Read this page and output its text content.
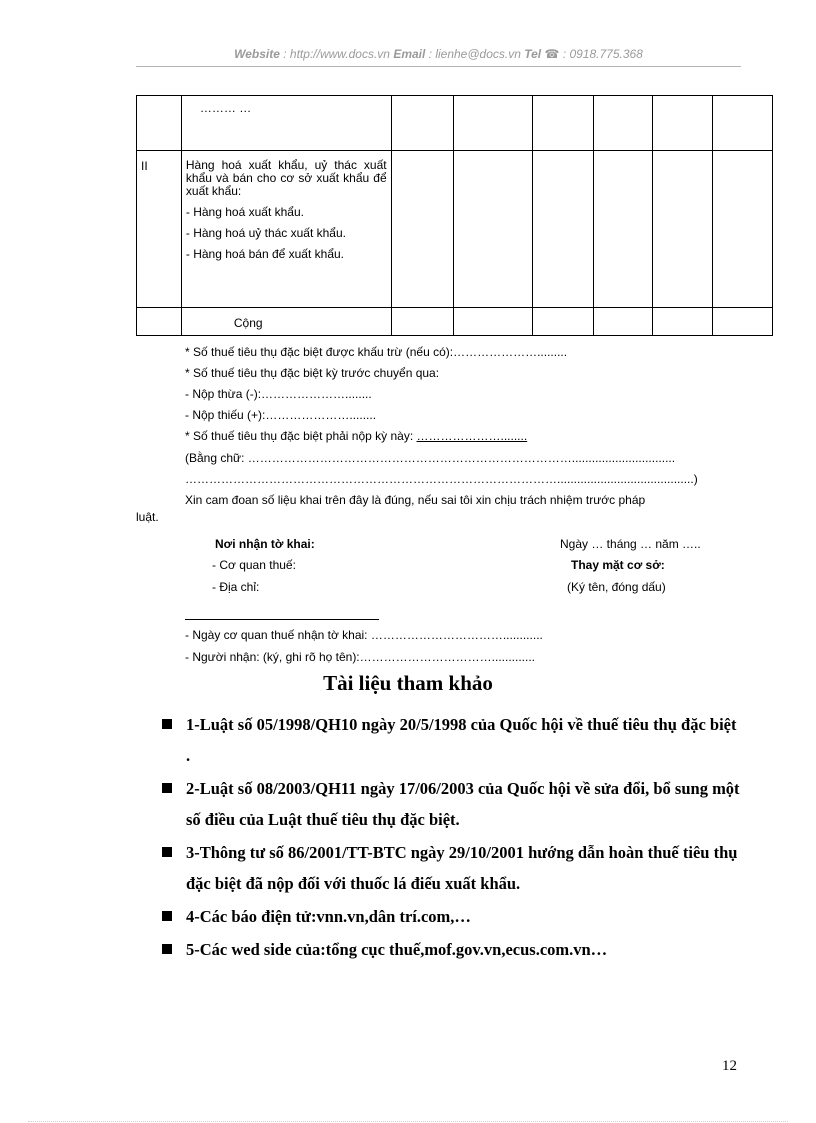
Website : http://www.docs.vn Email : lienhe@docs.vn Tel ☎ : 0918.775.368
	……… …						
II	Hàng hoá xuất khẩu, uỷ thác xuất khẩu và bán cho cơ sở xuất khẩu để xuất khẩu:

- Hàng hoá xuất khẩu.

- Hàng hoá uỷ thác xuất khẩu.

- Hàng hoá bán để xuất khẩu.						

	Cộng						
* Số thuế tiêu thụ đặc biệt được khấu trừ (nếu có):………………….........
* Số thuế tiêu thụ đặc biệt kỳ trước chuyển qua:
- Nộp thừa (-):…………………........
- Nộp thiếu (+):…………………........
* Số thuế tiêu thụ đặc biệt phải nộp kỳ này: …………………........
(Bằng chữ: ………………………………………………………………………...............................
………………………………………………………………………………….........................................)
Xin cam đoan số liệu khai trên đây là đúng, nếu sai tôi xin chịu trách nhiệm trước pháp
luật.
Nơi nhận tờ khai:
- Cơ quan thuế:
- Địa chỉ:
Ngày … tháng … năm …..
Thay mặt cơ sở:
(Ký tên, đóng dấu)
- Ngày cơ quan thuế nhận tờ khai: ……………………………............
- Người nhận: (ký, ghi rõ họ tên):…………………………….............
Tài liệu tham khảo
1-Luật số 05/1998/QH10 ngày 20/5/1998 của Quốc hội về thuế tiêu thụ đặc biệt .
2-Luật số 08/2003/QH11 ngày 17/06/2003 của Quốc hội về sửa đổi, bổ sung một số điều của Luật thuế tiêu thụ đặc biệt.
3-Thông tư số 86/2001/TT-BTC ngày 29/10/2001 hướng dẫn hoàn thuế tiêu thụ đặc biệt đã nộp đối với thuốc lá điếu xuất khẩu.
4-Các báo điện tử:vnn.vn,dân trí.com,…
5-Các wed side của:tổng cục thuế,mof.gov.vn,ecus.com.vn…
12
